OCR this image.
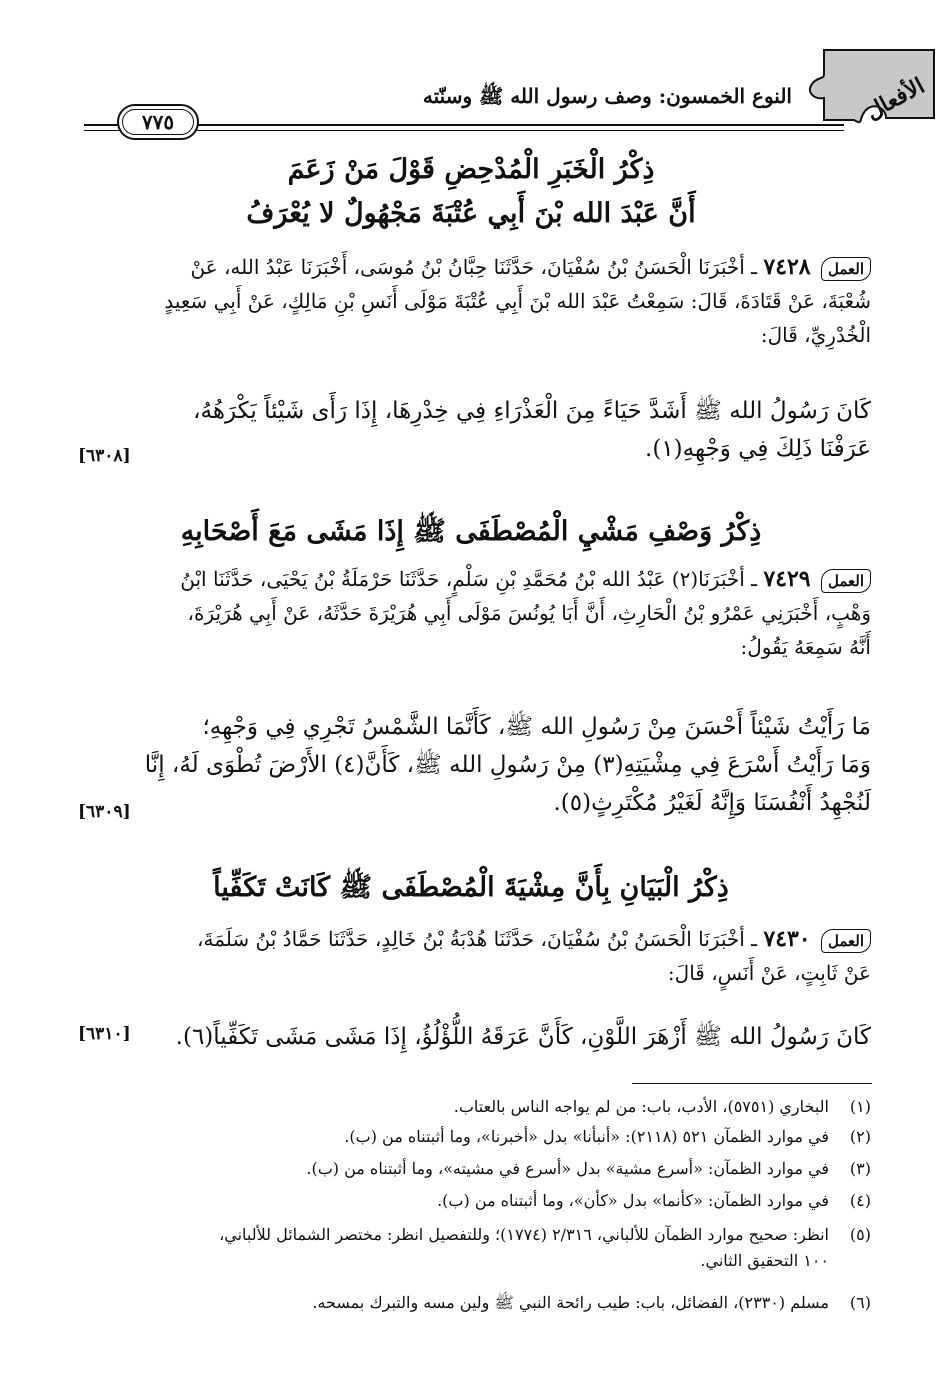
الأفعال
النوع الخمسون: وصف رسول الله ﷺ وسنّته
٧٧٥
ذِكْرُ الْخَبَرِ الْمُدْحِضِ قَوْلَ مَنْ زَعَمَ
أَنَّ عَبْدَ الله بْنَ أَبِي عُتْبَةَ مَجْهُولٌ لا يُعْرَفُ
العمل ٧٤٢٨ ـ أخْبَرَنَا الْحَسَنُ بْنُ سُفْيَانَ، حَدَّثَنَا حِبَّانُ بْنُ مُوسَى، أَخْبَرَنَا عَبْدُ الله، عَنْ
شُعْبَةَ، عَنْ قَتَادَةَ، قَالَ: سَمِعْتُ عَبْدَ الله بْنَ أَبِي عُتْبَةَ مَوْلَى أَنَسِ بْنِ مَالِكٍ، عَنْ أَبِي سَعِيدٍ
الْخُدْرِيِّ، قَالَ:
كَانَ رَسُولُ الله ﷺ أَشَدَّ حَيَاءً مِنَ الْعَذْرَاءِ فِي خِدْرِهَا، إِذَا رَأَى شَيْئاً يَكْرَهُهُ،
عَرَفْنَا ذَلِكَ فِي وَجْهِهِ(١).
[٦٣٠٨]
ذِكْرُ وَصْفِ مَشْيِ الْمُصْطَفَى ﷺ إِذَا مَشَى مَعَ أَصْحَابِهِ
العمل ٧٤٢٩ ـ أخْبَرَنَا(٢) عَبْدُ الله بْنُ مُحَمَّدِ بْنِ سَلْمٍ، حَدَّثَنَا حَرْمَلَةُ بْنُ يَحْيَى، حَدَّثَنَا ابْنُ
وَهْبٍ، أَخْبَرَنِي عَمْرُو بْنُ الْحَارِثِ، أَنَّ أَبَا يُونُسَ مَوْلَى أَبِي هُرَيْرَةَ حَدَّثَهُ، عَنْ أَبِي هُرَيْرَةَ،
أَنَّهُ سَمِعَهُ يَقُولُ:
مَا رَأَيْتُ شَيْئاً أَحْسَنَ مِنْ رَسُولِ الله ﷺ، كَأَنَّمَا الشَّمْسُ تَجْرِي فِي وَجْهِهِ؛
وَمَا رَأَيْتُ أَسْرَعَ فِي مِشْيَتِهِ(٣) مِنْ رَسُولِ الله ﷺ، كَأَنَّ(٤) الأَرْضَ تُطْوَى لَهُ، إِنَّا
لَنُجْهِدُ أَنْفُسَنَا وَإِنَّهُ لَغَيْرُ مُكْتَرِثٍ(٥).
[٦٣٠٩]
ذِكْرُ الْبَيَانِ بِأَنَّ مِشْيَةَ الْمُصْطَفَى ﷺ كَانَتْ تَكَفِّياً
العمل ٧٤٣٠ ـ أخْبَرَنَا الْحَسَنُ بْنُ سُفْيَانَ، حَدَّثَنَا هُدْبَةُ بْنُ خَالِدٍ، حَدَّثَنَا حَمَّادُ بْنُ سَلَمَةَ،
عَنْ ثَابِتٍ، عَنْ أَنَسٍ، قَالَ:
كَانَ رَسُولُ الله ﷺ أَزْهَرَ اللَّوْنِ، كَأَنَّ عَرَقَهُ اللُّؤْلُؤُ، إِذَا مَشَى مَشَى تَكَفِّياً(٦).
[٦٣١٠]
(١)البخاري (٥٧٥١)، الأدب، باب: من لم يواجه الناس بالعتاب.
(٢)في موارد الظمآن ٥٢١ (٢١١٨): «أنبأنا» بدل «أخبرنا»، وما أثبتناه من (ب).
(٣)في موارد الظمآن: «أسرع مشية» بدل «أسرع في مشيته»، وما أثبتناه من (ب).
(٤)في موارد الظمآن: «كأنما» بدل «كأن»، وما أثبتناه من (ب).
(٥)انظر: صحيح موارد الظمآن للألباني، ٢/٣١٦ (١٧٧٤)؛ وللتفصيل انظر: مختصر الشمائل للألباني،
١٠٠ التحقيق الثاني.
(٦)مسلم (٢٣٣٠)، الفضائل، باب: طيب رائحة النبي ﷺ ولين مسه والتبرك بمسحه.
